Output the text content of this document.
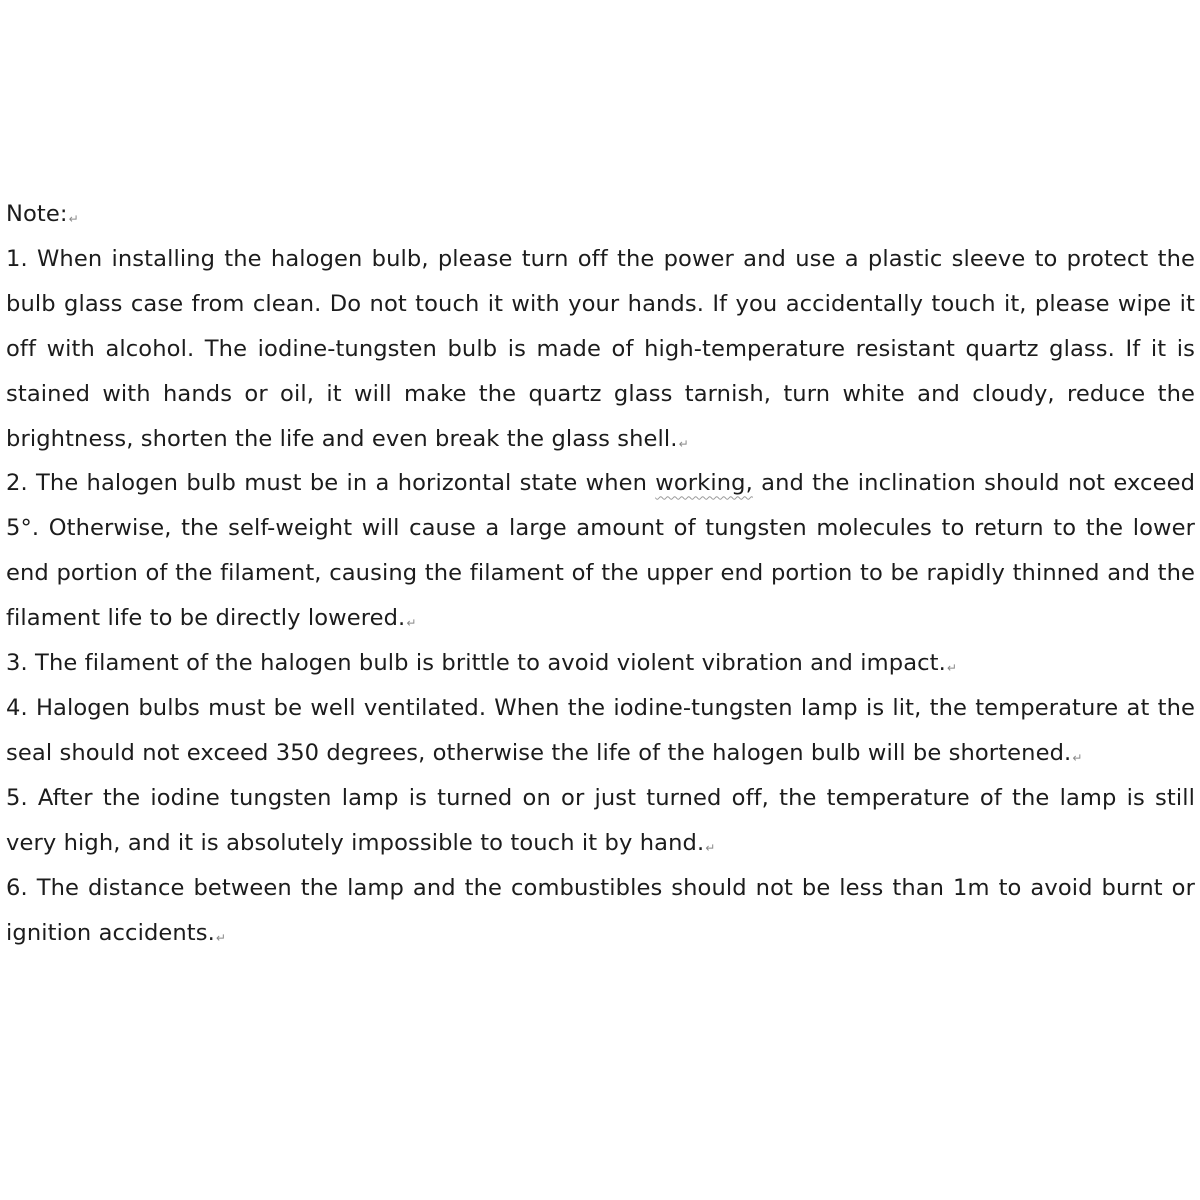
Note:↵

1. When installing the halogen bulb, please turn off the power and use a plastic sleeve to protect the bulb glass case from clean. Do not touch it with your hands. If you accidentally touch it, please wipe it off with alcohol. The iodine-tungsten bulb is made of high-temperature resistant quartz glass. If it is stained with hands or oil, it will make the quartz glass tarnish, turn white and cloudy, reduce the brightness, shorten the life and even break the glass shell.↵

2. The halogen bulb must be in a horizontal state when working, and the inclination should not exceed 5°. Otherwise, the self-weight will cause a large amount of tungsten molecules to return to the lower end portion of the filament, causing the filament of the upper end portion to be rapidly thinned and the filament life to be directly lowered.↵

3. The filament of the halogen bulb is brittle to avoid violent vibration and impact.↵

4. Halogen bulbs must be well ventilated. When the iodine-tungsten lamp is lit, the temperature at the seal should not exceed 350 degrees, otherwise the life of the halogen bulb will be shortened.↵

5. After the iodine tungsten lamp is turned on or just turned off, the temperature of the lamp is still very high, and it is absolutely impossible to touch it by hand.↵

6. The distance between the lamp and the combustibles should not be less than 1m to avoid burnt or ignition accidents.↵
